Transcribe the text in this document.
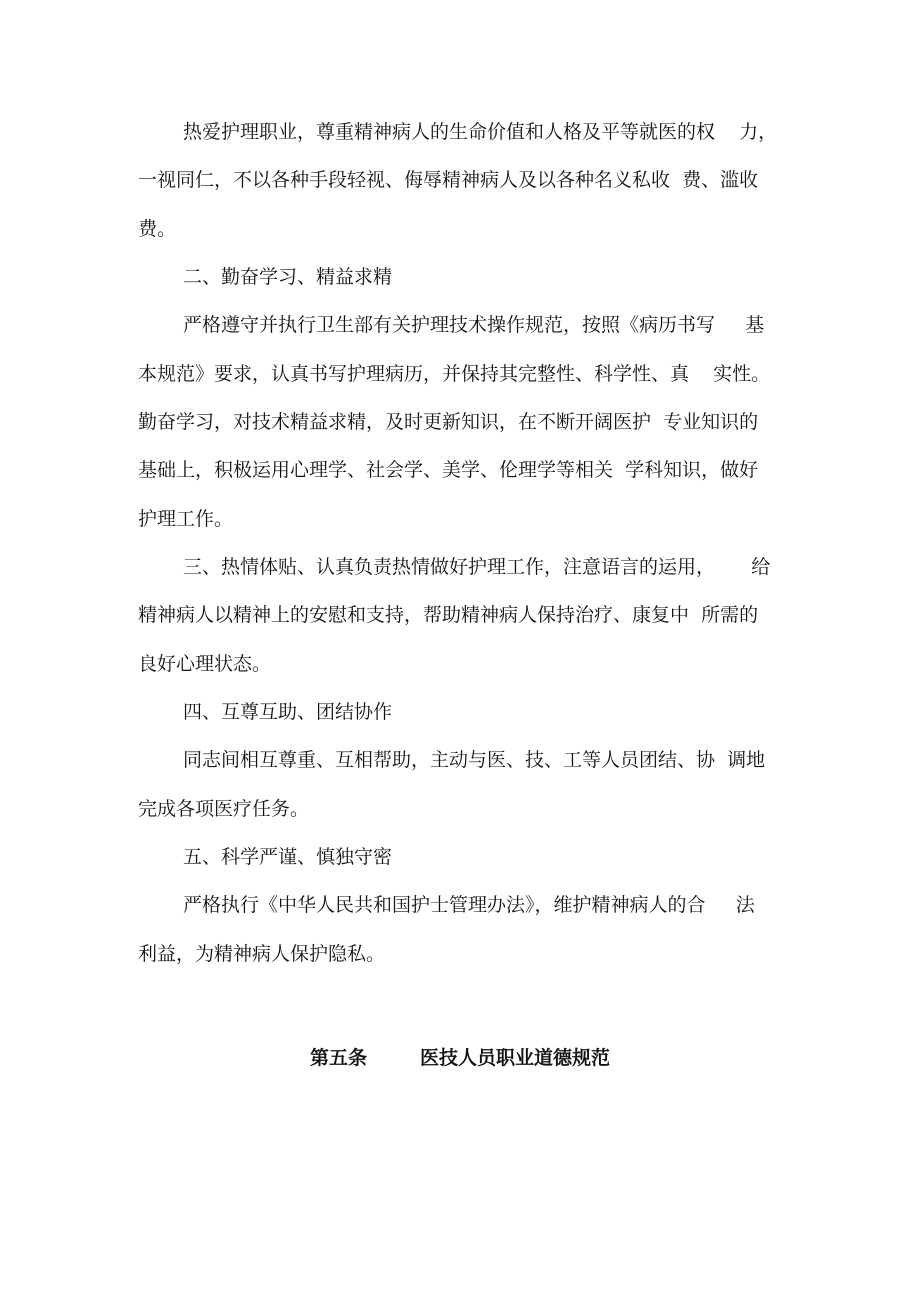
热爱护理职业，尊重精神病人的生命价值和人格及平等就医的权    力，
一视同仁，不以各种手段轻视、侮辱精神病人及以各种名义私收  费、滥收
费。
二、勤奋学习、精益求精
严格遵守并执行卫生部有关护理技术操作规范，按照《病历书写     基
本规范》要求，认真书写护理病历，并保持其完整性、科学性、真    实性。
勤奋学习，对技术精益求精，及时更新知识，在不断开阔医护  专业知识的
基础上，积极运用心理学、社会学、美学、伦理学等相关  学科知识，做好
护理工作。
三、热情体贴、认真负责热情做好护理工作，注意语言的运用，      给
精神病人以精神上的安慰和支持，帮助精神病人保持治疗、康复中  所需的
良好心理状态。
四、互尊互助、团结协作
同志间相互尊重、互相帮助，主动与医、技、工等人员团结、协  调地
完成各项医疗任务。
五、科学严谨、慎独守密
严格执行《中华人民共和国护士管理办法》，维护精神病人的合     法
利益，为精神病人保护隐私。
第五条        医技人员职业道德规范
